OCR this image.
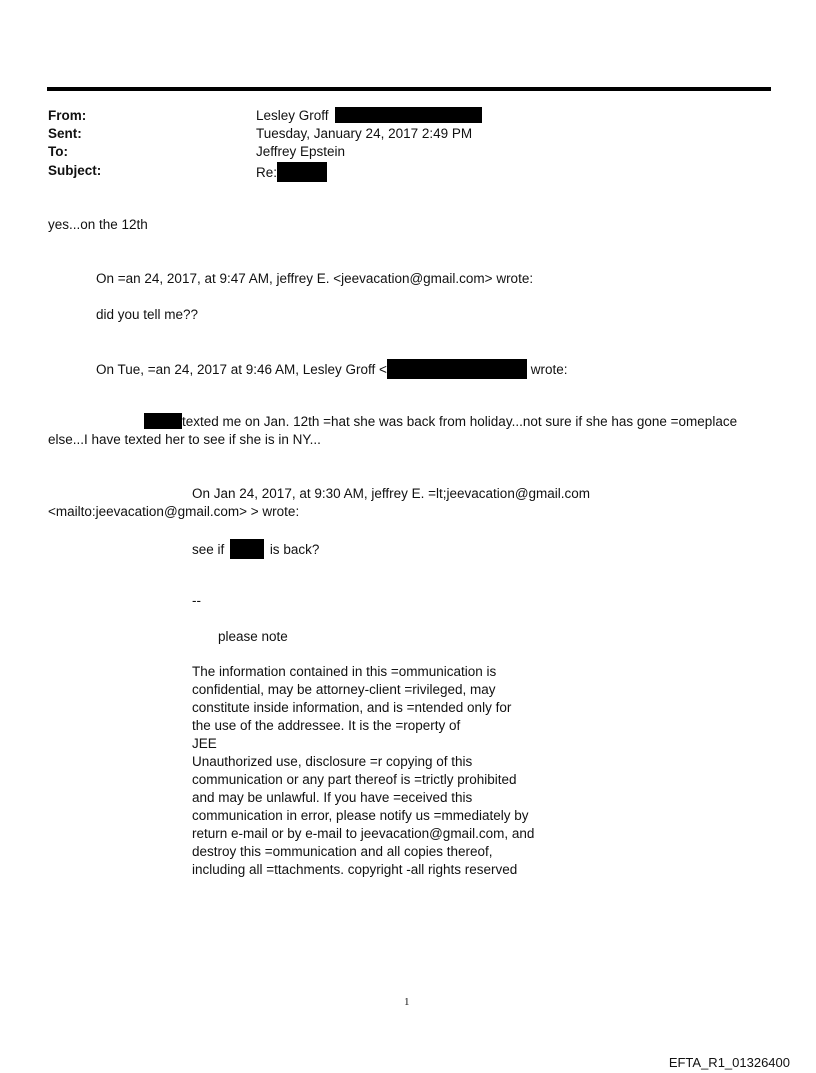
From:	Lesley Groff
Sent:	Tuesday, January 24, 2017 2:49 PM
To:	Jeffrey Epstein
Subject:	Re:
yes...on the 12th
On =an 24, 2017, at 9:47 AM, jeffrey E. <jeevacation@gmail.com> wrote:
did you tell me??
On Tue, =an 24, 2017 at 9:46 AM, Lesley Groff <	wrote:
texted me on Jan. 12th =hat she was back from holiday...not sure if she has gone =omeplace
else...I have texted her to see if she is in NY...
On Jan 24, 2017, at 9:30 AM, jeffrey E. =lt;jeevacation@gmail.com
<mailto:jeevacation@gmail.com> > wrote:
see if	is back?
--
please note
The information contained in this =ommunication is
confidential, may be attorney-client =rivileged, may
constitute inside information, and is =ntended only for
the use of the addressee. It is the =roperty of
JEE
Unauthorized use, disclosure =r copying of this
communication or any part thereof is =trictly prohibited
and may be unlawful. If you have =eceived this
communication in error, please notify us =mmediately by
return e-mail or by e-mail to jeevacation@gmail.com, and
destroy this =ommunication and all copies thereof,
including all =ttachments. copyright -all rights reserved
1
EFTA_R1_01326400
